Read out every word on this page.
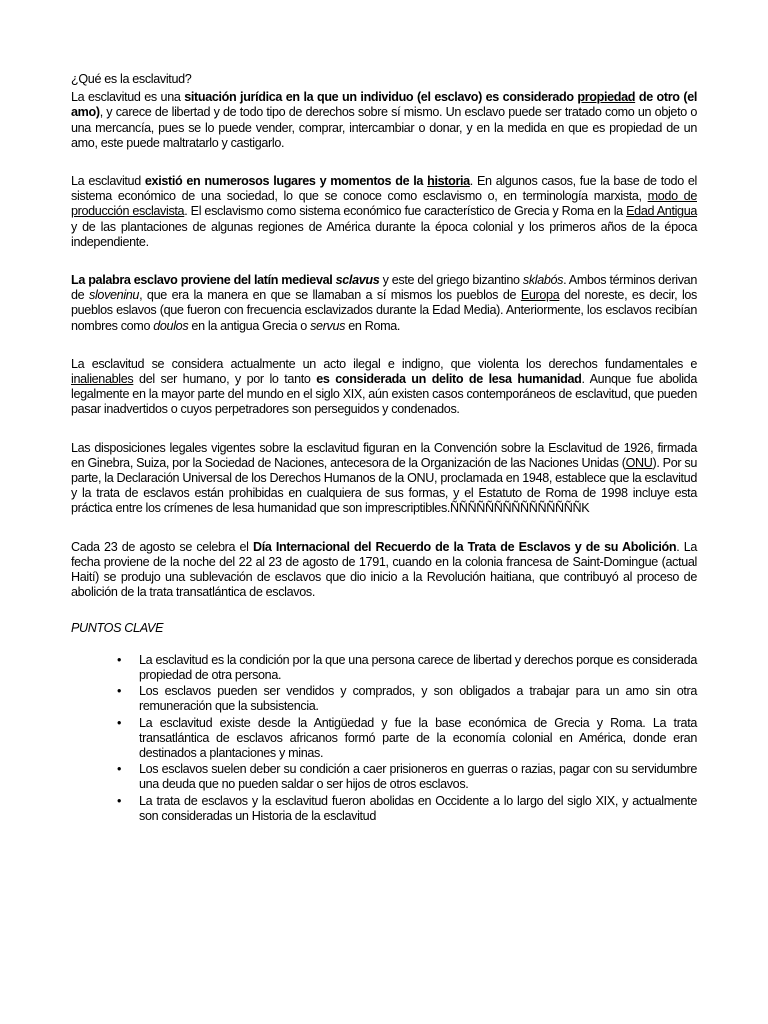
¿Qué es la esclavitud?

La esclavitud es una situación jurídica en la que un individuo (el esclavo) es considerado propiedad de otro (el amo), y carece de libertad y de todo tipo de derechos sobre sí mismo. Un esclavo puede ser tratado como un objeto o una mercancía, pues se lo puede vender, comprar, intercambiar o donar, y en la medida en que es propiedad de un amo, este puede maltratarlo y castigarlo.

La esclavitud existió en numerosos lugares y momentos de la historia. En algunos casos, fue la base de todo el sistema económico de una sociedad, lo que se conoce como esclavismo o, en terminología marxista, modo de producción esclavista. El esclavismo como sistema económico fue característico de Grecia y Roma en la Edad Antigua y de las plantaciones de algunas regiones de América durante la época colonial y los primeros años de la época independiente.

La palabra esclavo proviene del latín medieval sclavus y este del griego bizantino sklabós. Ambos términos derivan de sloveninu, que era la manera en que se llamaban a sí mismos los pueblos de Europa del noreste, es decir, los pueblos eslavos (que fueron con frecuencia esclavizados durante la Edad Media). Anteriormente, los esclavos recibían nombres como doulos en la antigua Grecia o servus en Roma.

La esclavitud se considera actualmente un acto ilegal e indigno, que violenta los derechos fundamentales e inalienables del ser humano, y por lo tanto es considerada un delito de lesa humanidad. Aunque fue abolida legalmente en la mayor parte del mundo en el siglo XIX, aún existen casos contemporáneos de esclavitud, que pueden pasar inadvertidos o cuyos perpetradores son perseguidos y condenados.

Las disposiciones legales vigentes sobre la esclavitud figuran en la Convención sobre la Esclavitud de 1926, firmada en Ginebra, Suiza, por la Sociedad de Naciones, antecesora de la Organización de las Naciones Unidas (ONU). Por su parte, la Declaración Universal de los Derechos Humanos de la ONU, proclamada en 1948, establece que la esclavitud y la trata de esclavos están prohibidas en cualquiera de sus formas, y el Estatuto de Roma de 1998 incluye esta práctica entre los crímenes de lesa humanidad que son imprescriptibles.ÑÑÑÑÑÑÑÑÑÑÑÑÑÑÑK

Cada 23 de agosto se celebra el Día Internacional del Recuerdo de la Trata de Esclavos y de su Abolición. La fecha proviene de la noche del 22 al 23 de agosto de 1791, cuando en la colonia francesa de Saint-Domingue (actual Haití) se produjo una sublevación de esclavos que dio inicio a la Revolución haitiana, que contribuyó al proceso de abolición de la trata transatlántica de esclavos.

PUNTOS CLAVE

• La esclavitud es la condición por la que una persona carece de libertad y derechos porque es considerada propiedad de otra persona.
• Los esclavos pueden ser vendidos y comprados, y son obligados a trabajar para un amo sin otra remuneración que la subsistencia.
• La esclavitud existe desde la Antigüedad y fue la base económica de Grecia y Roma. La trata transatlántica de esclavos africanos formó parte de la economía colonial en América, donde eran destinados a plantaciones y minas.
• Los esclavos suelen deber su condición a caer prisioneros en guerras o razias, pagar con su servidumbre una deuda que no pueden saldar o ser hijos de otros esclavos.
• La trata de esclavos y la esclavitud fueron abolidas en Occidente a lo largo del siglo XIX, y actualmente son consideradas un Historia de la esclavitud
